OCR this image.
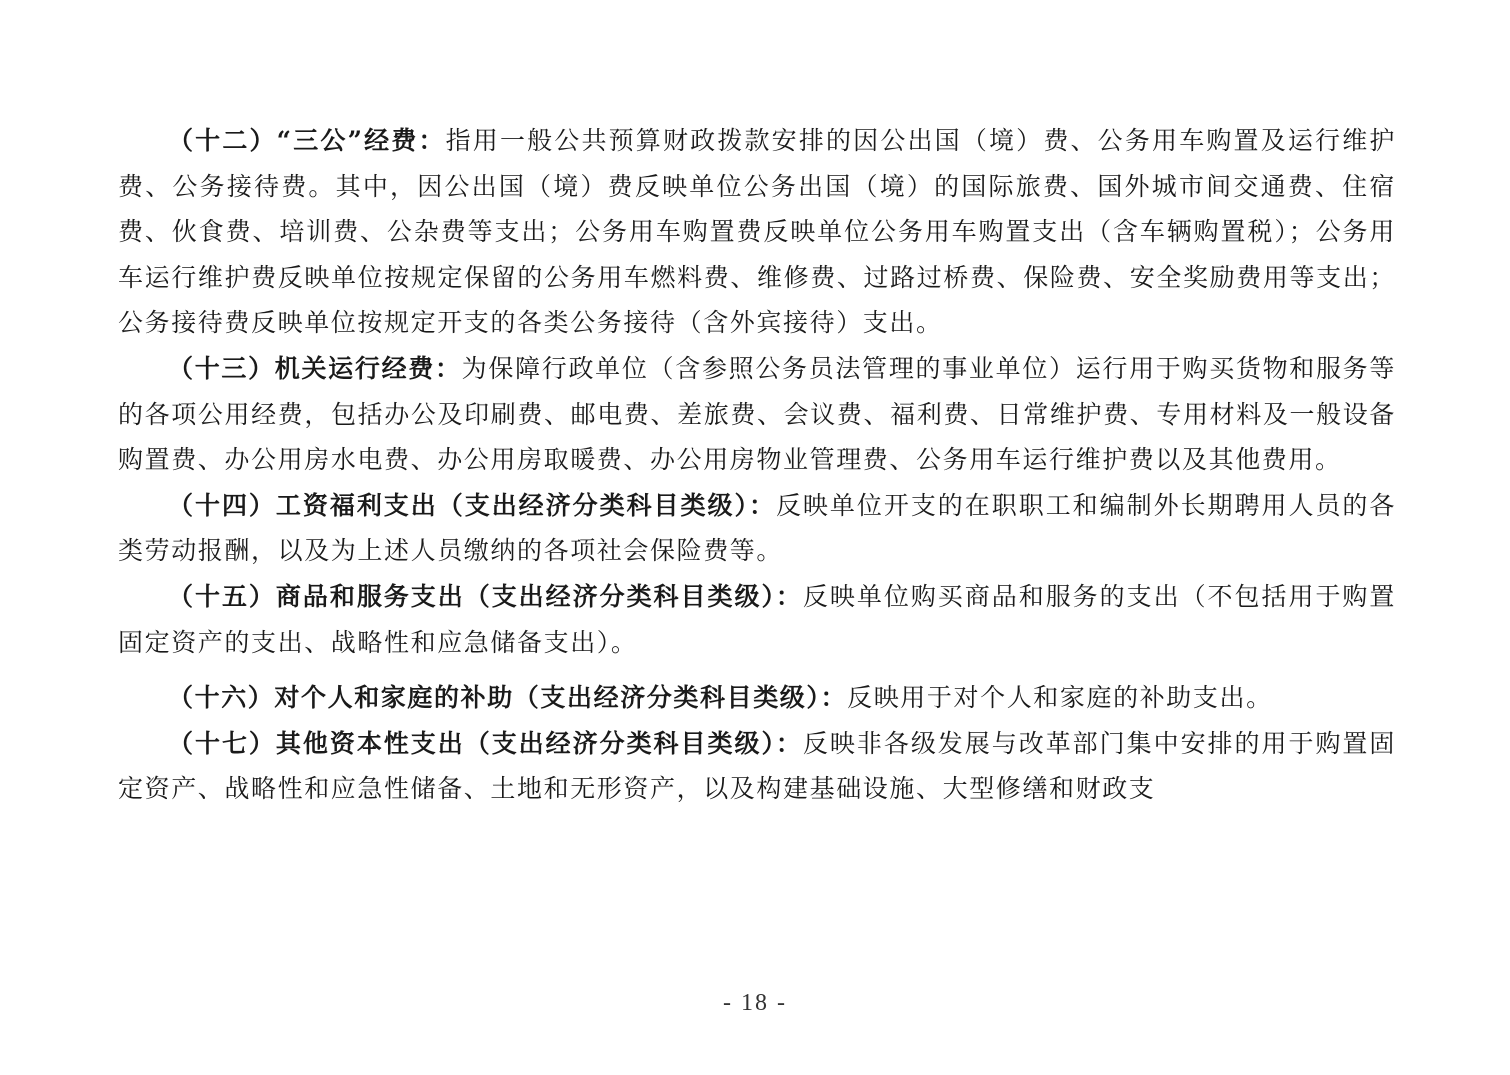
（十二）“三公”经费：指用一般公共预算财政拨款安排的因公出国（境）费、公务用车购置及运行维护费、公务接待费。其中，因公出国（境）费反映单位公务出国（境）的国际旅费、国外城市间交通费、住宿费、伙食费、培训费、公杂费等支出；公务用车购置费反映单位公务用车购置支出（含车辆购置税）；公务用车运行维护费反映单位按规定保留的公务用车燃料费、维修费、过路过桥费、保险费、安全奖励费用等支出；公务接待费反映单位按规定开支的各类公务接待（含外宾接待）支出。

（十三）机关运行经费：为保障行政单位（含参照公务员法管理的事业单位）运行用于购买货物和服务等的各项公用经费，包括办公及印刷费、邮电费、差旅费、会议费、福利费、日常维护费、专用材料及一般设备购置费、办公用房水电费、办公用房取暖费、办公用房物业管理费、公务用车运行维护费以及其他费用。

（十四）工资福利支出（支出经济分类科目类级）：反映单位开支的在职职工和编制外长期聘用人员的各类劳动报酬，以及为上述人员缴纳的各项社会保险费等。

（十五）商品和服务支出（支出经济分类科目类级）：反映单位购买商品和服务的支出（不包括用于购置固定资产的支出、战略性和应急储备支出）。

（十六）对个人和家庭的补助（支出经济分类科目类级）：反映用于对个人和家庭的补助支出。

（十七）其他资本性支出（支出经济分类科目类级）：反映非各级发展与改革部门集中安排的用于购置固定资产、战略性和应急性储备、土地和无形资产，以及构建基础设施、大型修缮和财政支

- 18 -
